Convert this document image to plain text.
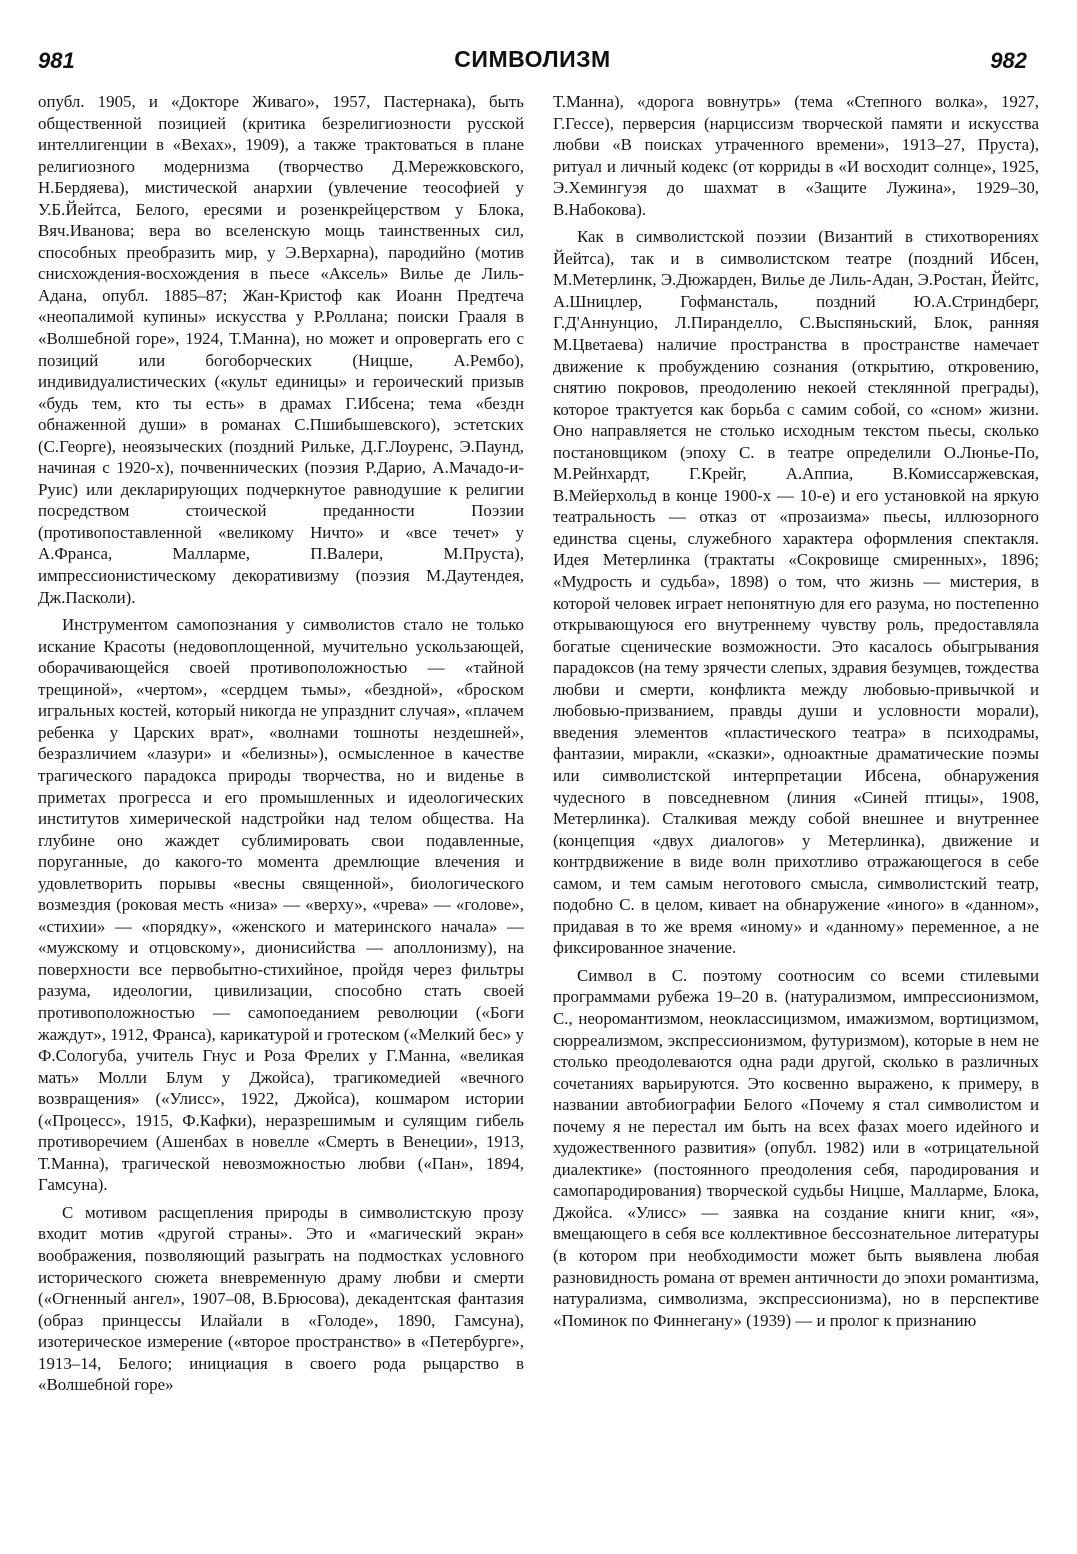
981	СИМВОЛИЗМ	982

опубл. 1905, и «Докторе Живаго», 1957, Пастернака), быть общественной позицией (критика безрелигиозности русской интеллигенции в «Вехах», 1909), а также трактоваться в плане религиозного модернизма (творчество Д.Мережковского, Н.Бердяева), мистической анархии (увлечение теософией у У.Б.Йейтса, Белого, ересями и розенкрейцерством у Блока, Вяч.Иванова; вера во вселенскую мощь таинственных сил, способных преобразить мир, у Э.Верхарна), пародийно (мотив снисхождения-восхождения в пьесе «Аксель» Вилье де Лиль-Адана, опубл. 1885–87; Жан-Кристоф как Иоанн Предтеча «неопалимой купины» искусства у Р.Роллана; поиски Грааля в «Волшебной горе», 1924, Т.Манна), но может и опровергать его с позиций или богоборческих (Ницше, А.Рембо), индивидуалистических («культ единицы» и героический призыв «будь тем, кто ты есть» в драмах Г.Ибсена; тема «бездн обнаженной души» в романах С.Пшибышевского), эстетских (С.Георге), неоязыческих (поздний Рильке, Д.Г.Лоуренс, Э.Паунд, начиная с 1920-х), почвеннических (поэзия Р.Дарио, А.Мачадо-и-Руис) или декларирующих подчеркнутое равнодушие к религии посредством стоической преданности Поэзии (противопоставленной «великому Ничто» и «все течет» у А.Франса, Малларме, П.Валери, М.Пруста), импрессионистическому декоративизму (поэзия М.Даутендея, Дж.Пасколи).

Инструментом самопознания у символистов стало не только искание Красоты (недовоплощенной, мучительно ускользающей, оборачивающейся своей противоположностью — «тайной трещиной», «чертом», «сердцем тьмы», «бездной», «броском игральных костей, который никогда не упразднит случая», «плачем ребенка у Царских врат», «волнами тошноты нездешней», безразличием «лазури» и «белизны»), осмысленное в качестве трагического парадокса природы творчества, но и виденье в приметах прогресса и его промышленных и идеологических институтов химерической надстройки над телом общества. На глубине оно жаждет сублимировать свои подавленные, поруганные, до какого-то момента дремлющие влечения и удовлетворить порывы «весны священной», биологического возмездия (роковая месть «низа» — «верху», «чрева» — «голове», «стихии» — «порядку», «женского и материнского начала» — «мужскому и отцовскому», дионисийства — аполлонизму), на поверхности все первобытно-стихийное, пройдя через фильтры разума, идеологии, цивилизации, способно стать своей противоположностью — самопоеданием революции («Боги жаждут», 1912, Франса), карикатурой и гротеском («Мелкий бес» у Ф.Сологуба, учитель Гнус и Роза Фрелих у Г.Манна, «великая мать» Молли Блум у Джойса), трагикомедией «вечного возвращения» («Улисс», 1922, Джойса), кошмаром истории («Процесс», 1915, Ф.Кафки), неразрешимым и сулящим гибель противоречием (Ашенбах в новелле «Смерть в Венеции», 1913, Т.Манна), трагической невозможностью любви («Пан», 1894, Гамсуна).

С мотивом расщепления природы в символистскую прозу входит мотив «другой страны». Это и «магический экран» воображения, позволяющий разыграть на подмостках условного исторического сюжета вневременную драму любви и смерти («Огненный ангел», 1907–08, В.Брюсова), декадентская фантазия (образ принцессы Илайали в «Голоде», 1890, Гамсуна), изотерическое измерение («второе пространство» в «Петербурге», 1913–14, Белого; инициация в своего рода рыцарство в «Волшебной горе»

Т.Манна), «дорога вовнутрь» (тема «Степного волка», 1927, Г.Гессе), перверсия (нарциссизм творческой памяти и искусства любви «В поисках утраченного времени», 1913–27, Пруста), ритуал и личный кодекс (от корриды в «И восходит солнце», 1925, Э.Хемингуэя до шахмат в «Защите Лужина», 1929–30, В.Набокова).

Как в символистской поэзии (Византий в стихотворениях Йейтса), так и в символистском театре (поздний Ибсен, М.Метерлинк, Э.Дюжарден, Вилье де Лиль-Адан, Э.Ростан, Йейтс, А.Шницлер, Гофмансталь, поздний Ю.А.Стриндберг, Г.Д'Аннунцио, Л.Пиранделло, С.Выспяньский, Блок, ранняя М.Цветаева) наличие пространства в пространстве намечает движение к пробуждению сознания (открытию, откровению, снятию покровов, преодолению некоей стеклянной преграды), которое трактуется как борьба с самим собой, со «сном» жизни. Оно направляется не столько исходным текстом пьесы, сколько постановщиком (эпоху С. в театре определили О.Люнье-По, М.Рейнхардт, Г.Крейг, А.Аппиа, В.Комиссаржевская, В.Мейерхольд в конце 1900-х — 10-е) и его установкой на яркую театральность — отказ от «прозаизма» пьесы, иллюзорного единства сцены, служебного характера оформления спектакля. Идея Метерлинка (трактаты «Сокровище смиренных», 1896; «Мудрость и судьба», 1898) о том, что жизнь — мистерия, в которой человек играет непонятную для его разума, но постепенно открывающуюся его внутреннему чувству роль, предоставляла богатые сценические возможности. Это касалось обыгрывания парадоксов (на тему зрячести слепых, здравия безумцев, тождества любви и смерти, конфликта между любовью-привычкой и любовью-призванием, правды души и условности морали), введения элементов «пластического театра» в психодрамы, фантазии, миракли, «сказки», одноактные драматические поэмы или символистской интерпретации Ибсена, обнаружения чудесного в повседневном (линия «Синей птицы», 1908, Метерлинка). Сталкивая между собой внешнее и внутреннее (концепция «двух диалогов» у Метерлинка), движение и контрдвижение в виде волн прихотливо отражающегося в себе самом, и тем самым неготового смысла, символистский театр, подобно С. в целом, кивает на обнаружение «иного» в «данном», придавая в то же время «иному» и «данному» переменное, а не фиксированное значение.

Символ в С. поэтому соотносим со всеми стилевыми программами рубежа 19–20 в. (натурализмом, импрессионизмом, С., неоромантизмом, неоклассицизмом, имажизмом, вортицизмом, сюрреализмом, экспрессионизмом, футуризмом), которые в нем не столько преодолеваются одна ради другой, сколько в различных сочетаниях варьируются. Это косвенно выражено, к примеру, в названии автобиографии Белого «Почему я стал символистом и почему я не перестал им быть на всех фазах моего идейного и художественного развития» (опубл. 1982) или в «отрицательной диалектике» (постоянного преодоления себя, пародирования и самопародирования) творческой судьбы Ницше, Малларме, Блока, Джойса. «Улисс» — заявка на создание книги книг, «я», вмещающего в себя все коллективное бессознательное литературы (в котором при необходимости может быть выявлена любая разновидность романа от времен античности до эпохи романтизма, натурализма, символизма, экспрессионизма), но в перспективе «Поминок по Финнегану» (1939) — и пролог к признанию
